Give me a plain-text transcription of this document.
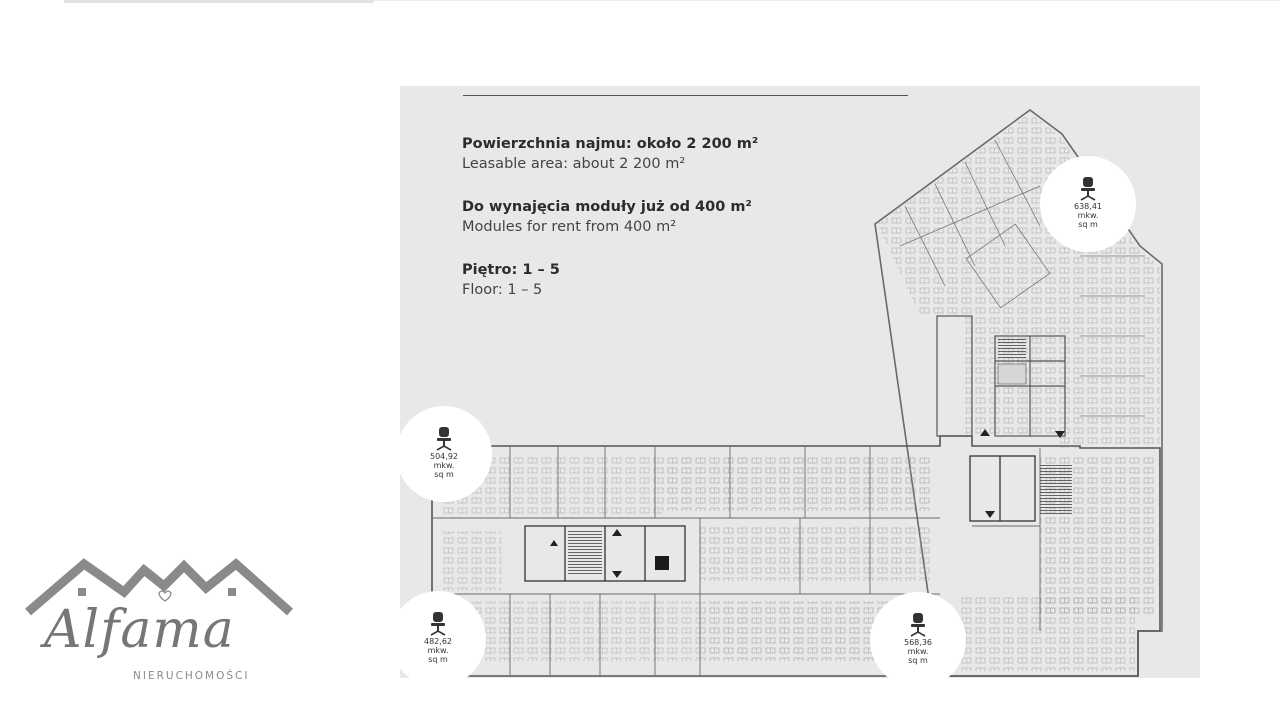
Powierzchnia najmu: około 2 200 m²
Leasable area: about 2 200 m²
Do wynajęcia moduły już od 400 m²
Modules for rent from 400 m²
Piętro: 1 – 5
Floor: 1 – 5
638,41
mkw.
sq m
504,92
mkw.
sq m
482,62
mkw.
sq m
568,36
mkw.
sq m
Alfama
NIERUCHOMOŚCI
